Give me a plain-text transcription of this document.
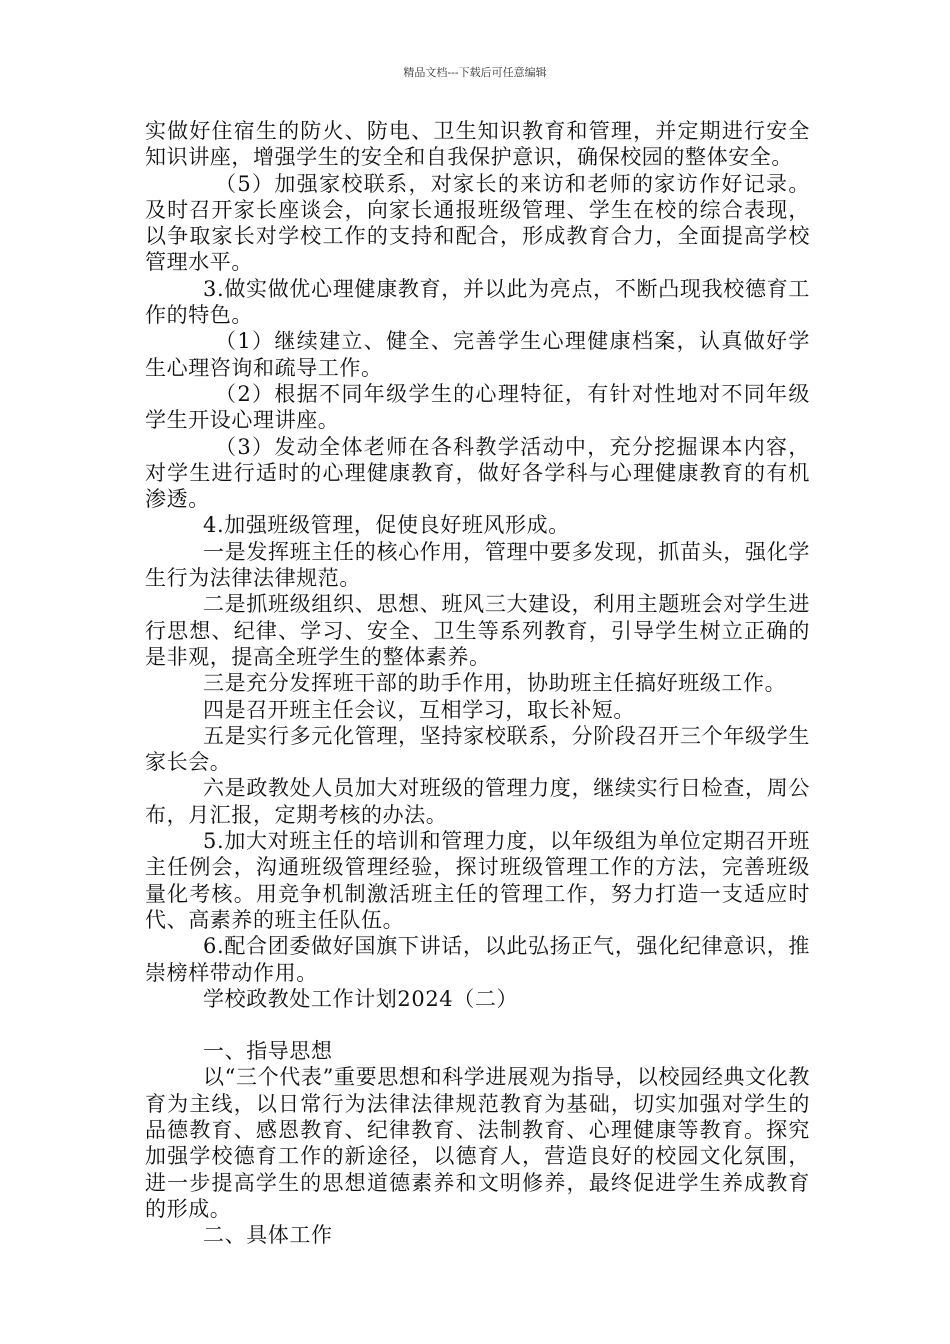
精品文档---下载后可任意编辑

实做好住宿生的防火、防电、卫生知识教育和管理，并定期进行安全知识讲座，增强学生的安全和自我保护意识，确保校园的整体安全。

（5）加强家校联系，对家长的来访和老师的家访作好记录。及时召开家长座谈会，向家长通报班级管理、学生在校的综合表现，以争取家长对学校工作的支持和配合，形成教育合力，全面提高学校管理水平。

3.做实做优心理健康教育，并以此为亮点，不断凸现我校德育工作的特色。

（1）继续建立、健全、完善学生心理健康档案，认真做好学生心理咨询和疏导工作。

（2）根据不同年级学生的心理特征，有针对性地对不同年级学生开设心理讲座。

（3）发动全体老师在各科教学活动中，充分挖掘课本内容，对学生进行适时的心理健康教育，做好各学科与心理健康教育的有机渗透。

4.加强班级管理，促使良好班风形成。

一是发挥班主任的核心作用，管理中要多发现，抓苗头，强化学生行为法律法律规范。

二是抓班级组织、思想、班风三大建设，利用主题班会对学生进行思想、纪律、学习、安全、卫生等系列教育，引导学生树立正确的是非观，提高全班学生的整体素养。

三是充分发挥班干部的助手作用，协助班主任搞好班级工作。

四是召开班主任会议，互相学习，取长补短。

五是实行多元化管理，坚持家校联系，分阶段召开三个年级学生家长会。

六是政教处人员加大对班级的管理力度，继续实行日检查，周公布，月汇报，定期考核的办法。

5.加大对班主任的培训和管理力度，以年级组为单位定期召开班主任例会，沟通班级管理经验，探讨班级管理工作的方法，完善班级量化考核。用竞争机制激活班主任的管理工作，努力打造一支适应时代、高素养的班主任队伍。

6.配合团委做好国旗下讲话，以此弘扬正气，强化纪律意识，推崇榜样带动作用。

学校政教处工作计划2024（二）

一、指导思想

以“三个代表”重要思想和科学进展观为指导，以校园经典文化教育为主线，以日常行为法律法律规范教育为基础，切实加强对学生的品德教育、感恩教育、纪律教育、法制教育、心理健康等教育。探究加强学校德育工作的新途径，以德育人，营造良好的校园文化氛围，进一步提高学生的思想道德素养和文明修养，最终促进学生养成教育的形成。

二、具体工作
